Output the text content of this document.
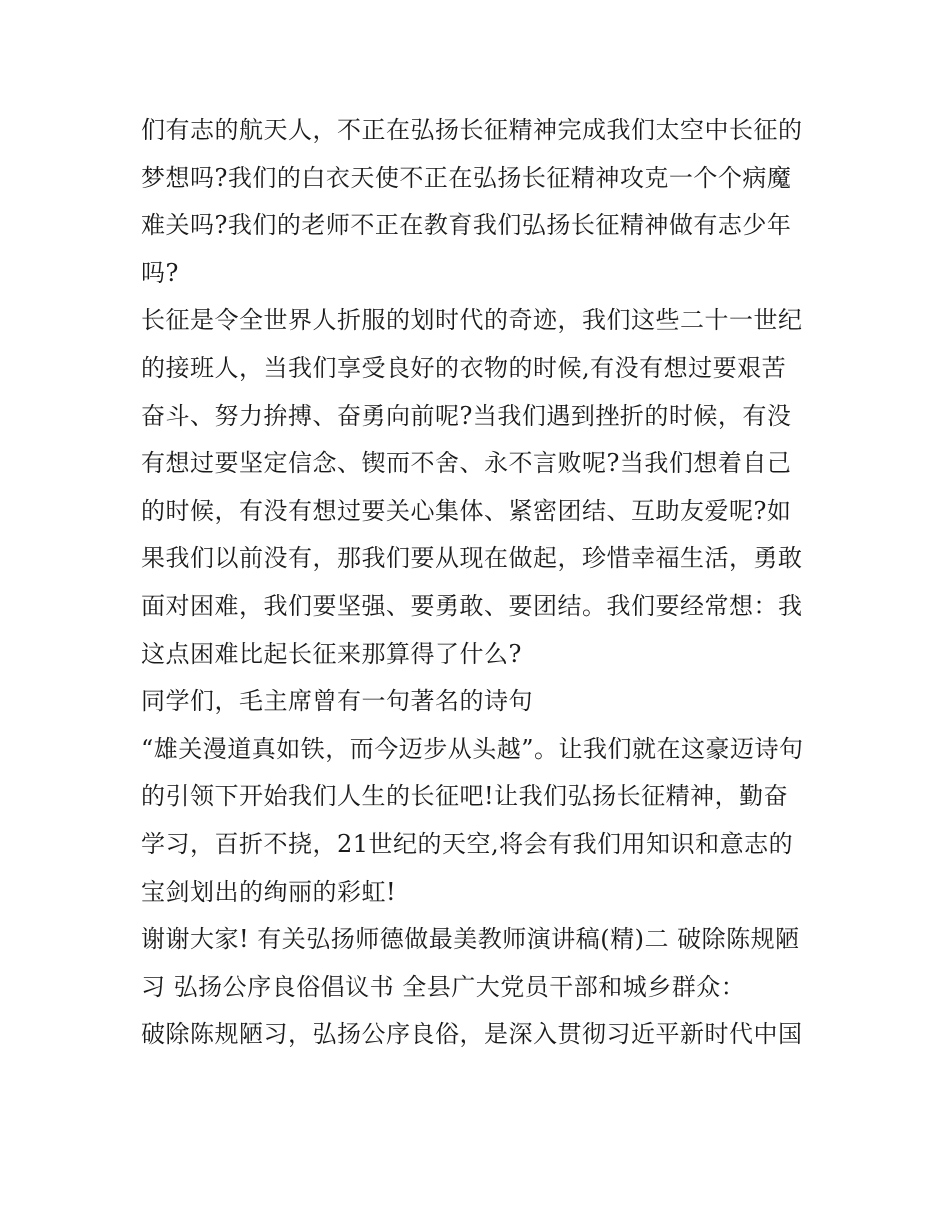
们有志的航天人，不正在弘扬长征精神完成我们太空中长征的
梦想吗?我们的白衣天使不正在弘扬长征精神攻克一个个病魔
难关吗?我们的老师不正在教育我们弘扬长征精神做有志少年
吗?
长征是令全世界人折服的划时代的奇迹，我们这些二十一世纪
的接班人，当我们享受良好的衣物的时候,有没有想过要艰苦
奋斗、努力拚搏、奋勇向前呢?当我们遇到挫折的时候，有没
有想过要坚定信念、锲而不舍、永不言败呢?当我们想着自己
的时候，有没有想过要关心集体、紧密团结、互助友爱呢?如
果我们以前没有，那我们要从现在做起，珍惜幸福生活，勇敢
面对困难，我们要坚强、要勇敢、要团结。我们要经常想：我
这点困难比起长征来那算得了什么?
同学们，毛主席曾有一句著名的诗句
“雄关漫道真如铁，而今迈步从头越”。让我们就在这豪迈诗句
的引领下开始我们人生的长征吧!让我们弘扬长征精神，勤奋
学习，百折不挠，21世纪的天空,将会有我们用知识和意志的
宝剑划出的绚丽的彩虹!
谢谢大家! 有关弘扬师德做最美教师演讲稿(精)二 破除陈规陋
习 弘扬公序良俗倡议书 全县广大党员干部和城乡群众：
破除陈规陋习，弘扬公序良俗，是深入贯彻习近平新时代中国
